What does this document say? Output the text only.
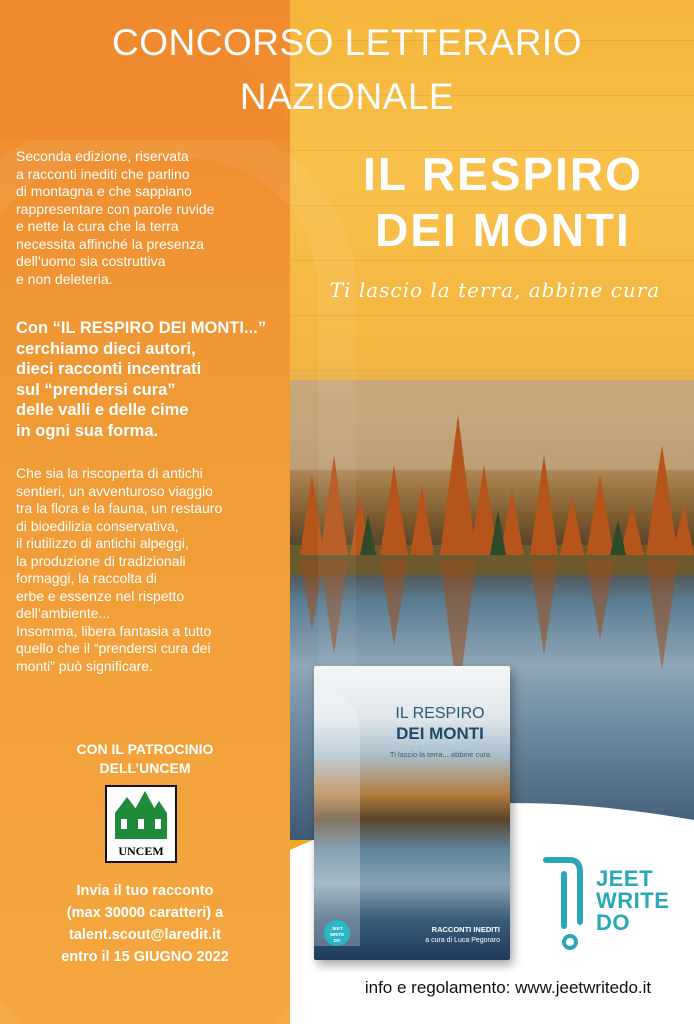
CONCORSO LETTERARIO
NAZIONALE
IL RESPIRO
DEI MONTI
Ti lascio la terra, abbine cura
Seconda edizione, riservata
a racconti inediti che parlino
di montagna e che sappiano
rappresentare con parole ruvide
e nette la cura che la terra
necessita affinché la presenza
dell’uomo sia costruttiva
e non deleteria.
Con “IL RESPIRO DEI MONTI...”
cerchiamo dieci autori,
dieci racconti incentrati
sul “prendersi cura”
delle valli e delle cime
in ogni sua forma.
Che sia la riscoperta di antichi
sentieri, un avventuroso viaggio
tra la flora e la fauna, un restauro
di bioedilizia conservativa,
il riutilizzo di antichi alpeggi,
la produzione di tradizionali
formaggi, la raccolta di
erbe e essenze nel rispetto
dell’ambiente...
Insomma, libera fantasia a tutto
quello che il “prendersi cura dei
monti” può significare.
CON IL PATROCINIO
DELL’UNCEM
UNCEM
Invia il tuo racconto
(max 30000 caratteri) a
talent.scout@laredit.it
entro il 15 GIUGNO 2022
IL RESPIRO
DEI MONTI
Ti lascio la terra... abbine cura
JEET
WRITE
DO
RACCONTI INEDITI
a cura di Luca Pegoraro
JEET
WRITE
DO
info e regolamento: www.jeetwritedo.it
